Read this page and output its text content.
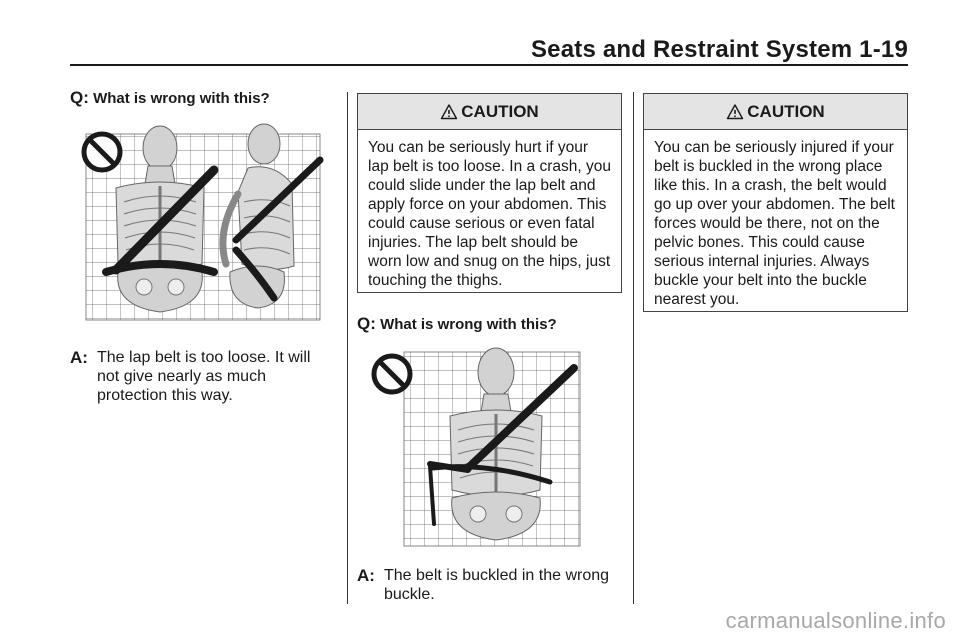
Seats and Restraint System 1-19
Q: What is wrong with this?
A: The lap belt is too loose. It will not give nearly as much protection this way.
CAUTION
You can be seriously hurt if your lap belt is too loose. In a crash, you could slide under the lap belt and apply force on your abdomen. This could cause serious or even fatal injuries. The lap belt should be worn low and snug on the hips, just touching the thighs.
Q: What is wrong with this?
A: The belt is buckled in the wrong buckle.
CAUTION
You can be seriously injured if your belt is buckled in the wrong place like this. In a crash, the belt would go up over your abdomen. The belt forces would be there, not on the pelvic bones. This could cause serious internal injuries. Always buckle your belt into the buckle nearest you.
carmanualsonline.info
